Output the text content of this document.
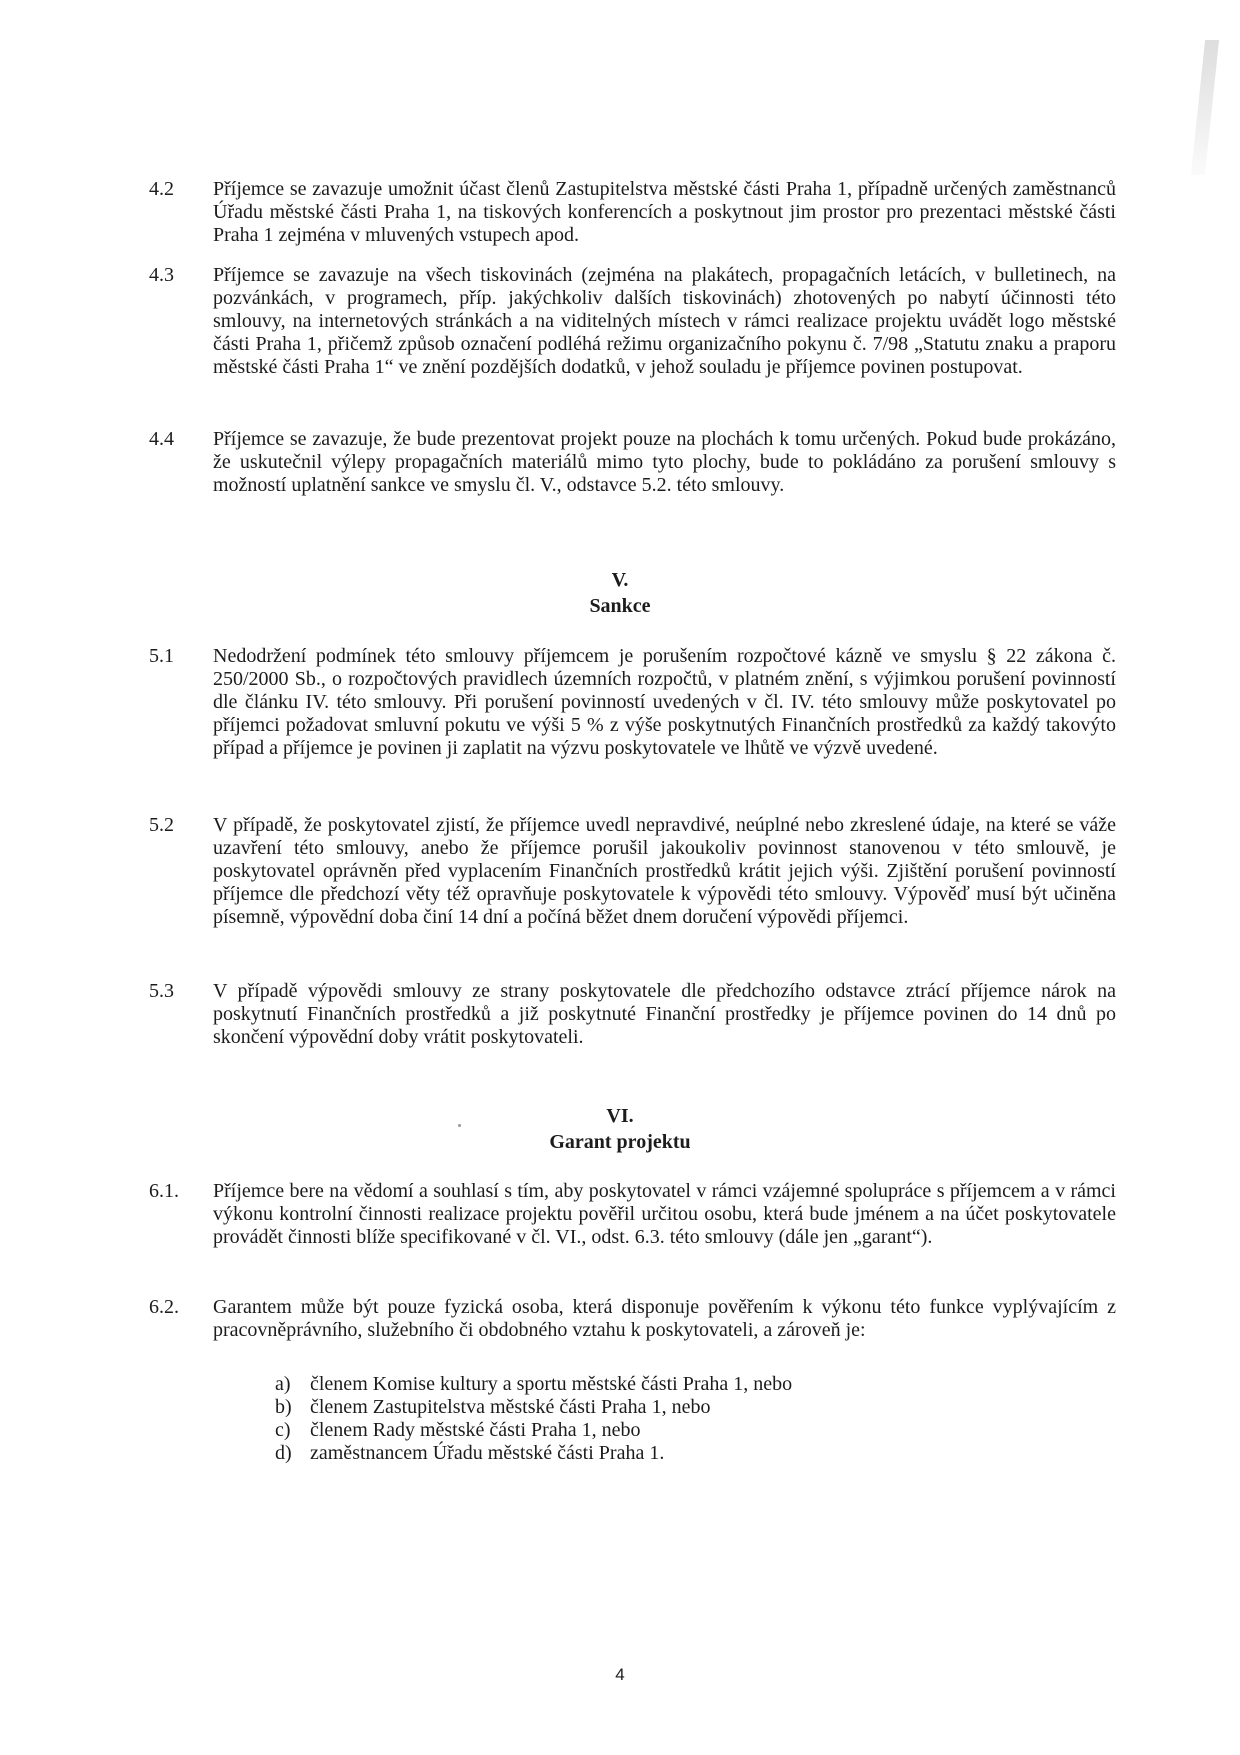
4.2	Příjemce se zavazuje umožnit účast členů Zastupitelstva městské části Praha 1, případně určených zaměstnanců Úřadu městské části Praha 1, na tiskových konferencích a poskytnout jim prostor pro prezentaci městské části Praha 1 zejména v mluvených vstupech apod.
4.3	Příjemce se zavazuje na všech tiskovinách (zejména na plakátech, propagačních letácích, v bulletinech, na pozvánkách, v programech, příp. jakýchkoliv dalších tiskovinách) zhotovených po nabytí účinnosti této smlouvy, na internetových stránkách a na viditelných místech v rámci realizace projektu uvádět logo městské části Praha 1, přičemž způsob označení podléhá režimu organizačního pokynu č. 7/98 „Statutu znaku a praporu městské části Praha 1“ ve znění pozdějších dodatků, v jehož souladu je příjemce povinen postupovat.
4.4	Příjemce se zavazuje, že bude prezentovat projekt pouze na plochách k tomu určených. Pokud bude prokázáno, že uskutečnil výlepy propagačních materiálů mimo tyto plochy, bude to pokládáno za porušení smlouvy s možností uplatnění sankce ve smyslu čl. V., odstavce 5.2. této smlouvy.
V.
Sankce
5.1	Nedodržení podmínek této smlouvy příjemcem je porušením rozpočtové kázně ve smyslu § 22 zákona č. 250/2000 Sb., o rozpočtových pravidlech územních rozpočtů, v platném znění, s výjimkou porušení povinností dle článku IV. této smlouvy. Při porušení povinností uvedených v čl. IV. této smlouvy může poskytovatel po příjemci požadovat smluvní pokutu ve výši 5 % z výše poskytnutých Finančních prostředků za každý takovýto případ a příjemce je povinen ji zaplatit na výzvu poskytovatele ve lhůtě ve výzvě uvedené.
5.2	V případě, že poskytovatel zjistí, že příjemce uvedl nepravdivé, neúplné nebo zkreslené údaje, na které se váže uzavření této smlouvy, anebo že příjemce porušil jakoukoliv povinnost stanovenou v této smlouvě, je poskytovatel oprávněn před vyplacením Finančních prostředků krátit jejich výši. Zjištění porušení povinností příjemce dle předchozí věty též opravňuje poskytovatele k výpovědi této smlouvy. Výpověď musí být učiněna písemně, výpovědní doba činí 14 dní a počíná běžet dnem doručení výpovědi příjemci.
5.3	V případě výpovědi smlouvy ze strany poskytovatele dle předchozího odstavce ztrácí příjemce nárok na poskytnutí Finančních prostředků a již poskytnuté Finanční prostředky je příjemce povinen do 14 dnů po skončení výpovědní doby vrátit poskytovateli.
VI.
Garant projektu
6.1.	Příjemce bere na vědomí a souhlasí s tím, aby poskytovatel v rámci vzájemné spolupráce s příjemcem a v rámci výkonu kontrolní činnosti realizace projektu pověřil určitou osobu, která bude jménem a na účet poskytovatele provádět činnosti blíže specifikované v čl. VI., odst. 6.3. této smlouvy (dále jen „garant“).
6.2.	Garantem může být pouze fyzická osoba, která disponuje pověřením k výkonu této funkce vyplývajícím z pracovněprávního, služebního či obdobného vztahu k poskytovateli, a zároveň je:
a) členem Komise kultury a sportu městské části Praha 1, nebo
b) členem Zastupitelstva městské části Praha 1, nebo
c) členem Rady městské části Praha 1, nebo
d) zaměstnancem Úřadu městské části Praha 1.
4
